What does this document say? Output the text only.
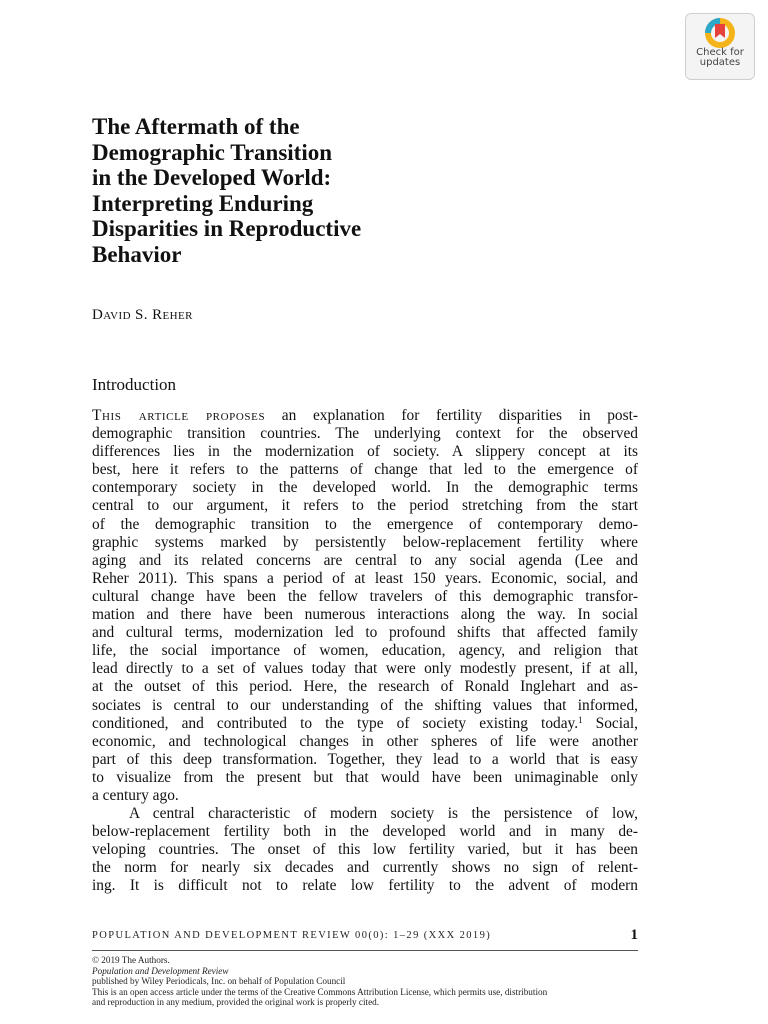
Check for
updates
The Aftermath of the
Demographic Transition
in the Developed World:
Interpreting Enduring
Disparities in Reproductive
Behavior

David S. Reher

Introduction
This article proposes an explanation for fertility disparities in post-
demographic transition countries. The underlying context for the observed
differences lies in the modernization of society. A slippery concept at its
best, here it refers to the patterns of change that led to the emergence of
contemporary society in the developed world. In the demographic terms
central to our argument, it refers to the period stretching from the start
of the demographic transition to the emergence of contemporary demo-
graphic systems marked by persistently below-replacement fertility where
aging and its related concerns are central to any social agenda (Lee and
Reher 2011). This spans a period of at least 150 years. Economic, social, and
cultural change have been the fellow travelers of this demographic transfor-
mation and there have been numerous interactions along the way. In social
and cultural terms, modernization led to profound shifts that affected family
life, the social importance of women, education, agency, and religion that
lead directly to a set of values today that were only modestly present, if at all,
at the outset of this period. Here, the research of Ronald Inglehart and as-
sociates is central to our understanding of the shifting values that informed,
conditioned, and contributed to the type of society existing today.$^1$ Social,
economic, and technological changes in other spheres of life were another
part of this deep transformation. Together, they lead to a world that is easy
to visualize from the present but that would have been unimaginable only
a century ago.
A central characteristic of modern society is the persistence of low,
below-replacement fertility both in the developed world and in many de-
veloping countries. The onset of this low fertility varied, but it has been
the norm for nearly six decades and currently shows no sign of relent-
ing. It is difficult not to relate low fertility to the advent of modern
POPULATION AND DEVELOPMENT REVIEW 00(0): 1–29 (XXX 2019)	1
© 2019 The Authors.
Population and Development Review
published by Wiley Periodicals, Inc. on behalf of Population Council
This is an open access article under the terms of the Creative Commons Attribution License, which permits use, distribution
and reproduction in any medium, provided the original work is properly cited.
